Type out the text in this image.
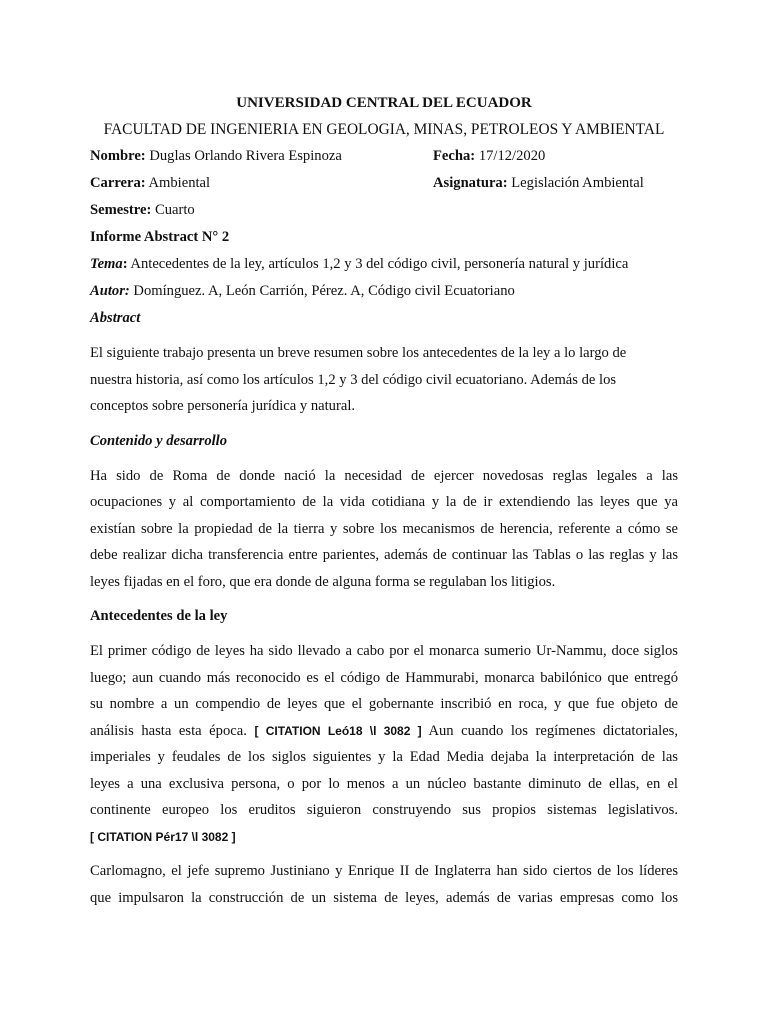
UNIVERSIDAD CENTRAL DEL ECUADOR
FACULTAD DE INGENIERIA EN GEOLOGIA, MINAS, PETROLEOS Y AMBIENTAL
Nombre: Duglas Orlando Rivera Espinoza	Fecha: 17/12/2020
Carrera: Ambiental	Asignatura: Legislación Ambiental
Semestre: Cuarto
Informe Abstract N° 2
Tema: Antecedentes de la ley, artículos 1,2 y 3 del código civil, personería natural y jurídica
Autor: Domínguez. A, León Carrión, Pérez. A, Código civil Ecuatoriano
Abstract
El siguiente trabajo presenta un breve resumen sobre los antecedentes de la ley a lo largo de
nuestra historia, así como los artículos 1,2 y 3 del código civil ecuatoriano. Además de los
conceptos sobre personería jurídica y natural.
Contenido y desarrollo
Ha sido de Roma de donde nació la necesidad de ejercer novedosas reglas legales a las
ocupaciones y al comportamiento de la vida cotidiana y la de ir extendiendo las leyes que ya
existían sobre la propiedad de la tierra y sobre los mecanismos de herencia, referente a cómo se
debe realizar dicha transferencia entre parientes, además de continuar las Tablas o las reglas y las
leyes fijadas en el foro, que era donde de alguna forma se regulaban los litigios.
Antecedentes de la ley
El primer código de leyes ha sido llevado a cabo por el monarca sumerio Ur-Nammu, doce siglos
luego; aun cuando más reconocido es el código de Hammurabi, monarca babilónico que entregó
su nombre a un compendio de leyes que el gobernante inscribió en roca, y que fue objeto de
análisis hasta esta época. [ CITATION Leó18 \l 3082 ] Aun cuando los regímenes dictatoriales,
imperiales y feudales de los siglos siguientes y la Edad Media dejaba la interpretación de las
leyes a una exclusiva persona, o por lo menos a un núcleo bastante diminuto de ellas, en el
continente europeo los eruditos siguieron construyendo sus propios sistemas legislativos.
[ CITATION Pér17 \l 3082 ]
Carlomagno, el jefe supremo Justiniano y Enrique II de Inglaterra han sido ciertos de los líderes
que impulsaron la construcción de un sistema de leyes, además de varias empresas como los
